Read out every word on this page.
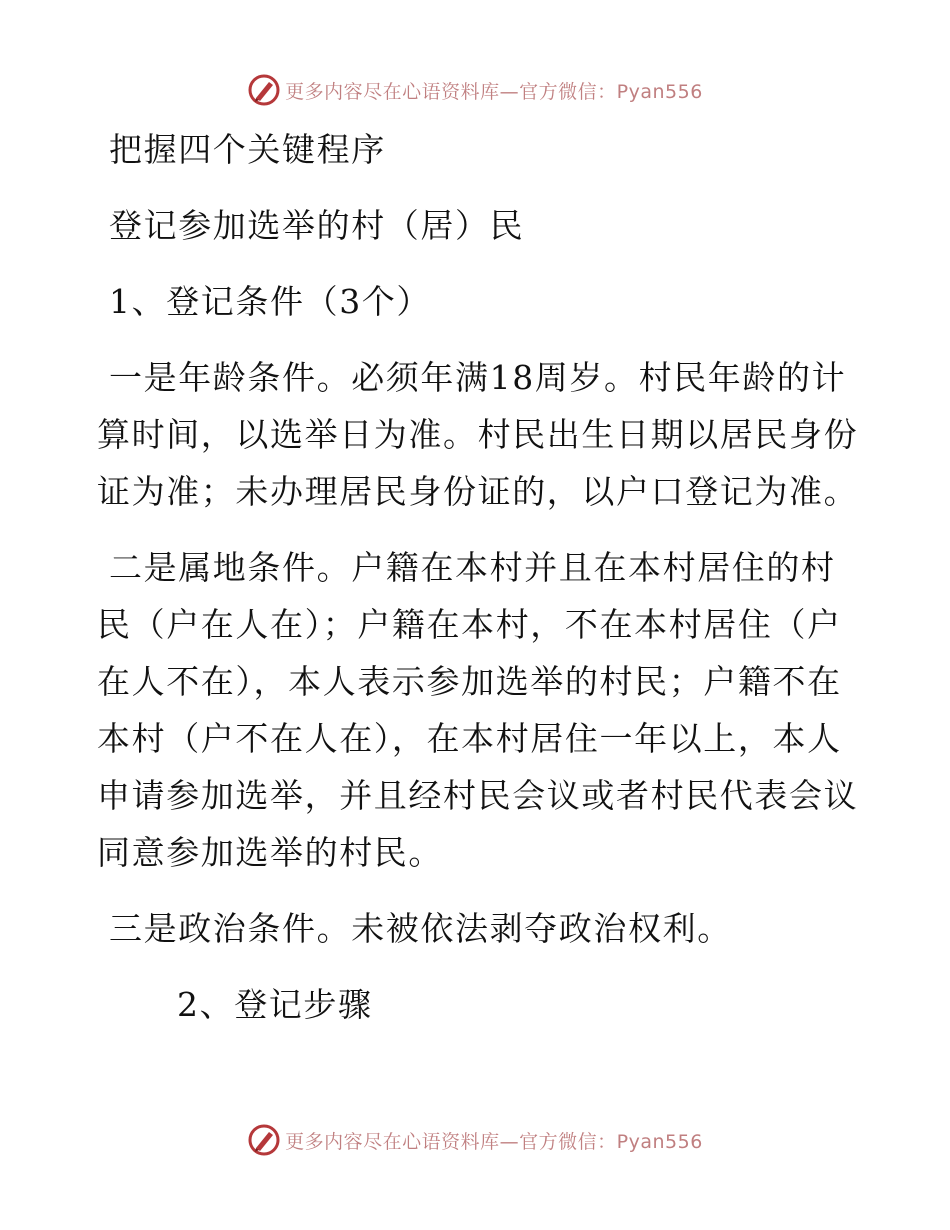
更多内容尽在心语资料库—官方微信：Pyan556
把握四个关键程序
登记参加选举的村（居）民
1、登记条件（3个）
一是年龄条件。必须年满18周岁。村民年龄的计
算时间，以选举日为准。村民出生日期以居民身份
证为准；未办理居民身份证的，以户口登记为准。
二是属地条件。户籍在本村并且在本村居住的村
民（户在人在）；户籍在本村，不在本村居住（户
在人不在），本人表示参加选举的村民；户籍不在
本村（户不在人在），在本村居住一年以上，本人
申请参加选举，并且经村民会议或者村民代表会议
同意参加选举的村民。
三是政治条件。未被依法剥夺政治权利。
2、登记步骤
更多内容尽在心语资料库—官方微信：Pyan556
